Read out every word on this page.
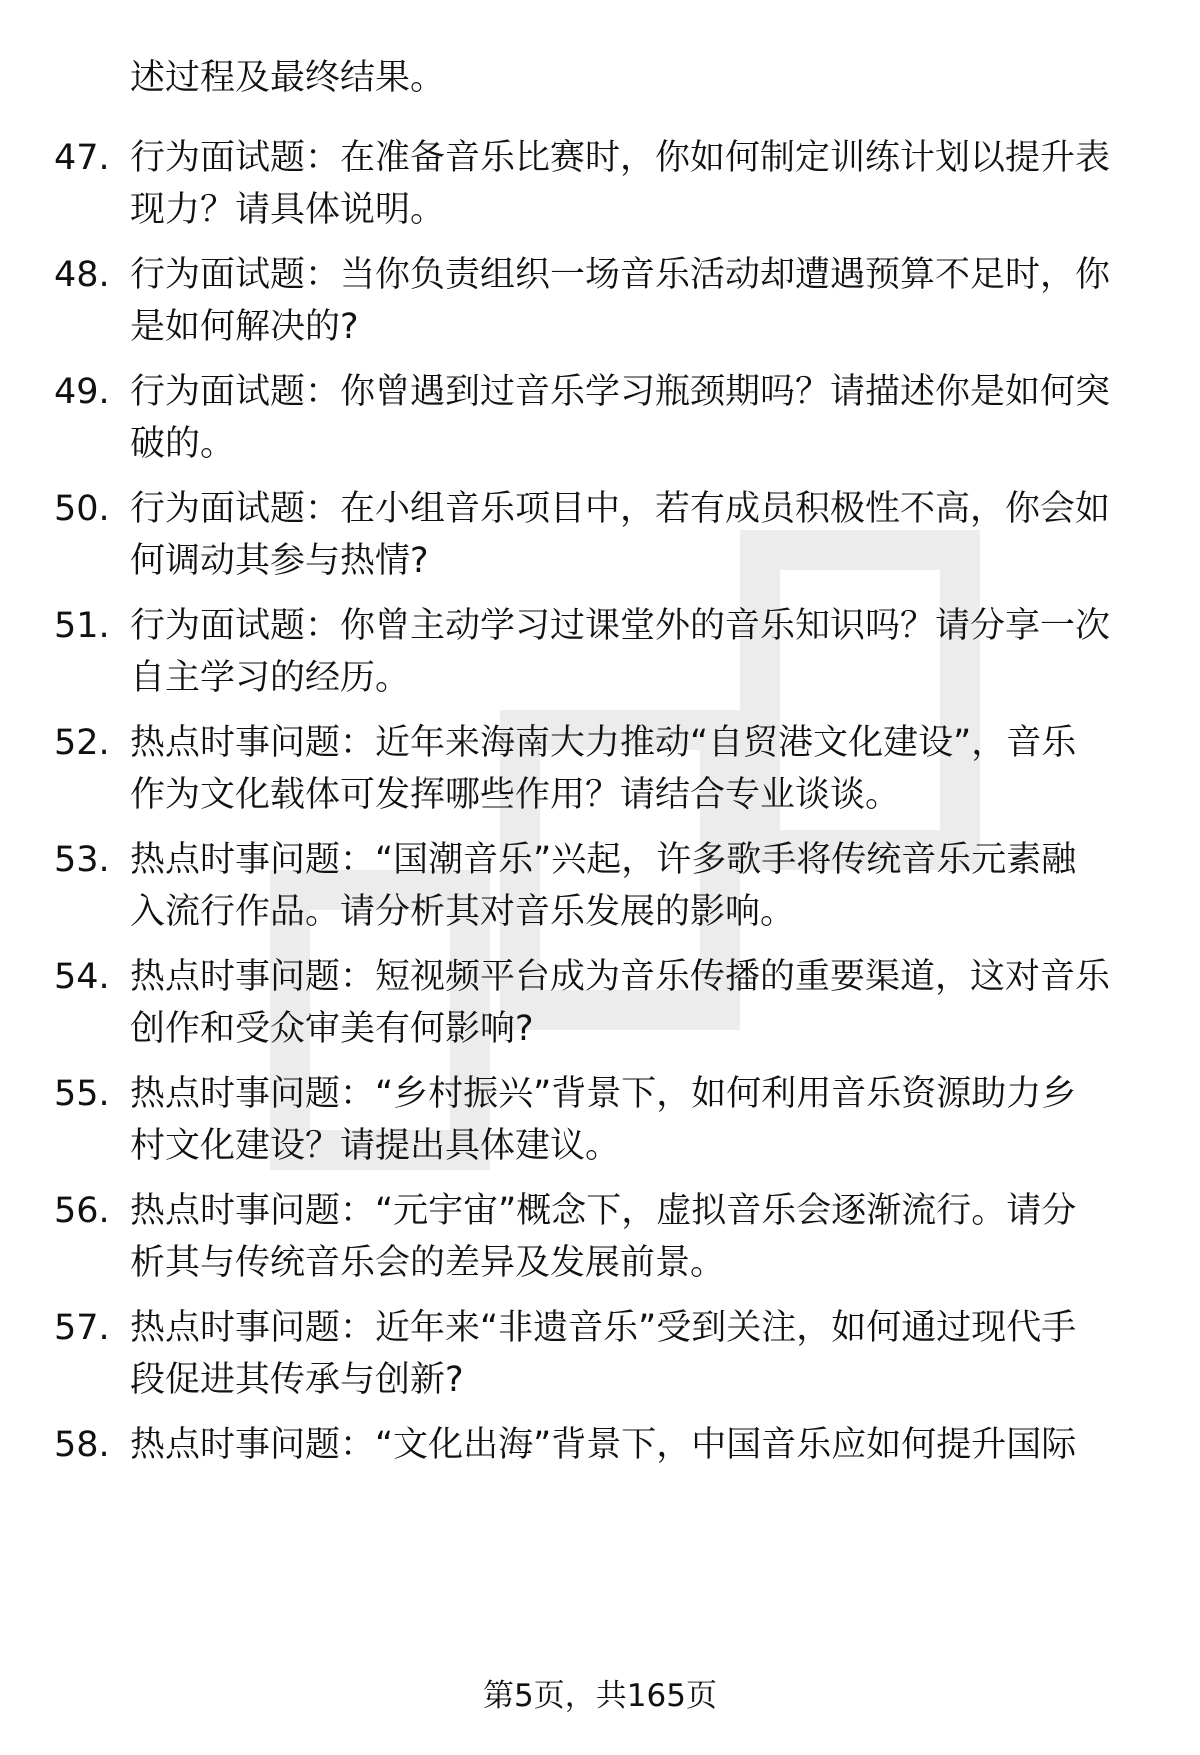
述过程及最终结果。
47. 行为面试题：在准备音乐比赛时，你如何制定训练计划以提升表
现力？请具体说明。
48. 行为面试题：当你负责组织一场音乐活动却遭遇预算不足时，你
是如何解决的?
49. 行为面试题：你曾遇到过音乐学习瓶颈期吗？请描述你是如何突
破的。
50. 行为面试题：在小组音乐项目中，若有成员积极性不高，你会如
何调动其参与热情?
51. 行为面试题：你曾主动学习过课堂外的音乐知识吗？请分享一次
自主学习的经历。
52. 热点时事问题：近年来海南大力推动“自贸港文化建设”，音乐
作为文化载体可发挥哪些作用？请结合专业谈谈。
53. 热点时事问题：“国潮音乐”兴起，许多歌手将传统音乐元素融
入流行作品。请分析其对音乐发展的影响。
54. 热点时事问题：短视频平台成为音乐传播的重要渠道，这对音乐
创作和受众审美有何影响?
55. 热点时事问题：“乡村振兴”背景下，如何利用音乐资源助力乡
村文化建设？请提出具体建议。
56. 热点时事问题：“元宇宙”概念下，虚拟音乐会逐渐流行。请分
析其与传统音乐会的差异及发展前景。
57. 热点时事问题：近年来“非遗音乐”受到关注，如何通过现代手
段促进其传承与创新?
58. 热点时事问题：“文化出海”背景下，中国音乐应如何提升国际
第5页，共165页
